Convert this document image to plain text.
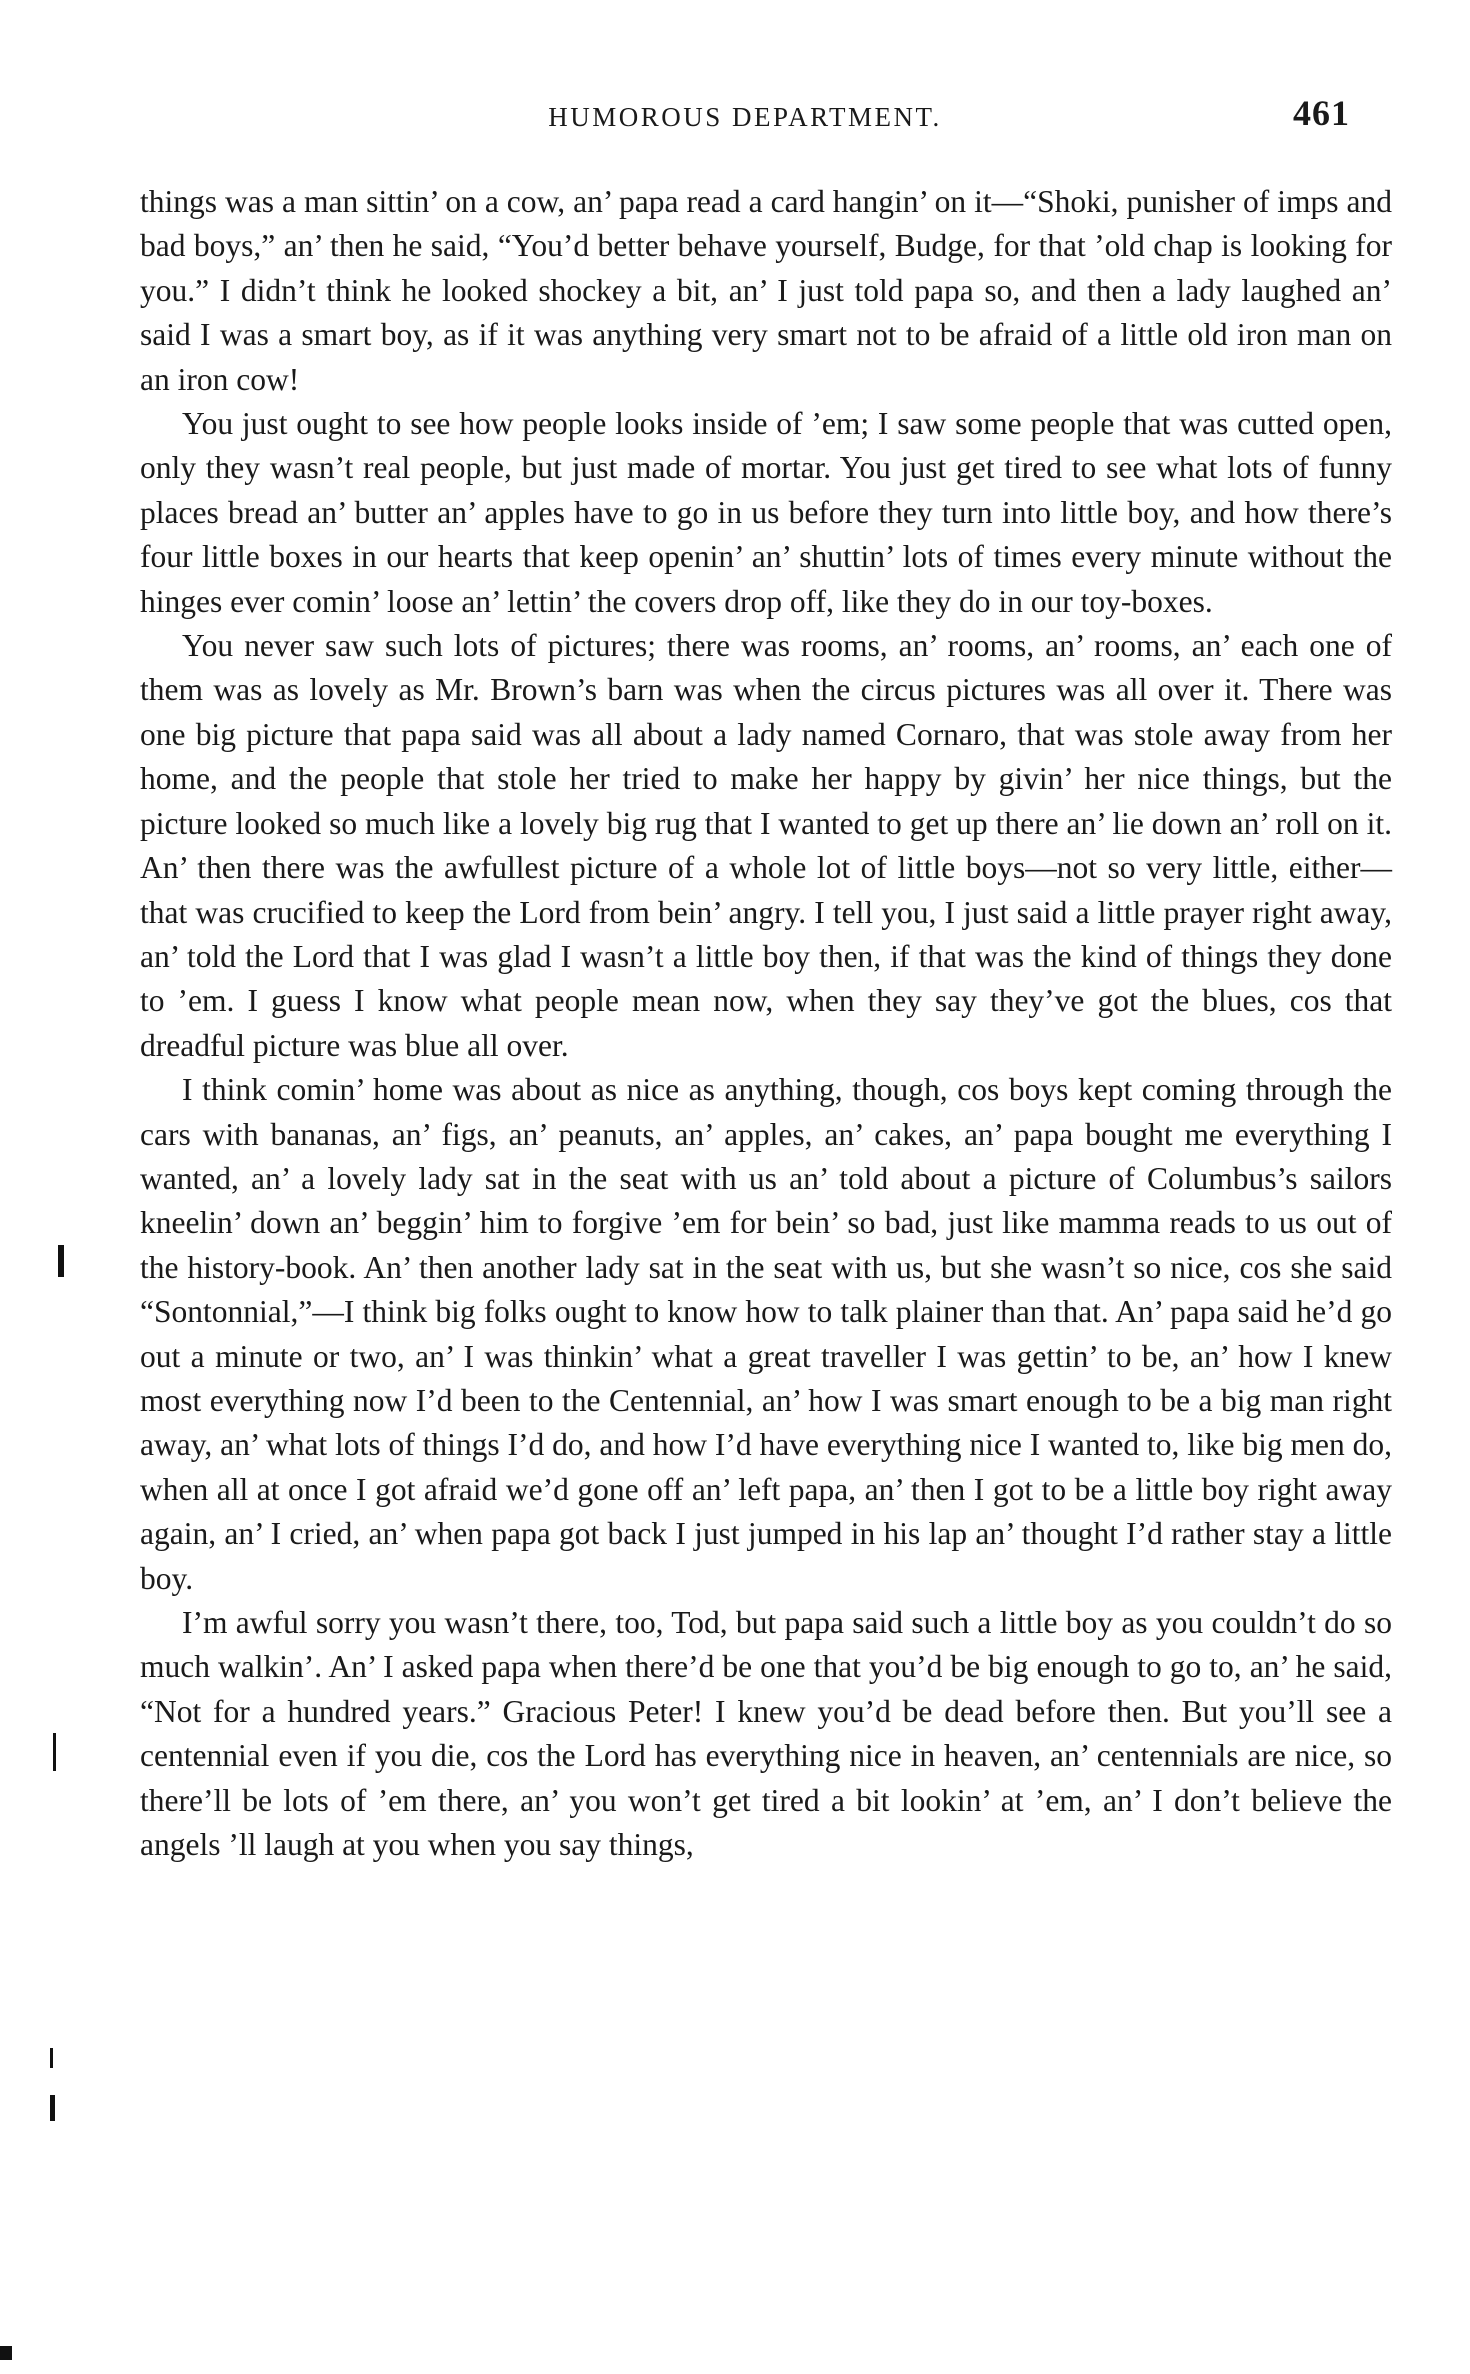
HUMOROUS DEPARTMENT.	461

things was a man sittin’ on a cow, an’ papa read a card hangin’ on it—“Shoki, punisher of imps and bad boys,” an’ then he said, “You’d better behave yourself, Budge, for that ’old chap is looking for you.” I didn’t think he looked shockey a bit, an’ I just told papa so, and then a lady laughed an’ said I was a smart boy, as if it was anything very smart not to be afraid of a little old iron man on an iron cow!

You just ought to see how people looks inside of ’em; I saw some people that was cutted open, only they wasn’t real people, but just made of mortar. You just get tired to see what lots of funny places bread an’ butter an’ apples have to go in us before they turn into little boy, and how there’s four little boxes in our hearts that keep openin’ an’ shuttin’ lots of times every minute without the hinges ever comin’ loose an’ lettin’ the covers drop off, like they do in our toy-boxes.

You never saw such lots of pictures; there was rooms, an’ rooms, an’ rooms, an’ each one of them was as lovely as Mr. Brown’s barn was when the circus pictures was all over it. There was one big picture that papa said was all about a lady named Cornaro, that was stole away from her home, and the people that stole her tried to make her happy by givin’ her nice things, but the picture looked so much like a lovely big rug that I wanted to get up there an’ lie down an’ roll on it. An’ then there was the awfullest picture of a whole lot of little boys—not so very little, either—that was crucified to keep the Lord from bein’ angry. I tell you, I just said a little prayer right away, an’ told the Lord that I was glad I wasn’t a little boy then, if that was the kind of things they done to ’em. I guess I know what people mean now, when they say they’ve got the blues, cos that dreadful picture was blue all over.

I think comin’ home was about as nice as anything, though, cos boys kept coming through the cars with bananas, an’ figs, an’ peanuts, an’ apples, an’ cakes, an’ papa bought me everything I wanted, an’ a lovely lady sat in the seat with us an’ told about a picture of Columbus’s sailors kneelin’ down an’ beggin’ him to forgive ’em for bein’ so bad, just like mamma reads to us out of the history-book. An’ then another lady sat in the seat with us, but she wasn’t so nice, cos she said “Sontonnial,”—I think big folks ought to know how to talk plainer than that. An’ papa said he’d go out a minute or two, an’ I was thinkin’ what a great traveller I was gettin’ to be, an’ how I knew most everything now I’d been to the Centennial, an’ how I was smart enough to be a big man right away, an’ what lots of things I’d do, and how I’d have everything nice I wanted to, like big men do, when all at once I got afraid we’d gone off an’ left papa, an’ then I got to be a little boy right away again, an’ I cried, an’ when papa got back I just jumped in his lap an’ thought I’d rather stay a little boy.

I’m awful sorry you wasn’t there, too, Tod, but papa said such a little boy as you couldn’t do so much walkin’. An’ I asked papa when there’d be one that you’d be big enough to go to, an’ he said, “Not for a hundred years.” Gracious Peter! I knew you’d be dead before then. But you’ll see a centennial even if you die, cos the Lord has everything nice in heaven, an’ centennials are nice, so there’ll be lots of ’em there, an’ you won’t get tired a bit lookin’ at ’em, an’ I don’t believe the angels ’ll laugh at you when you say things,
